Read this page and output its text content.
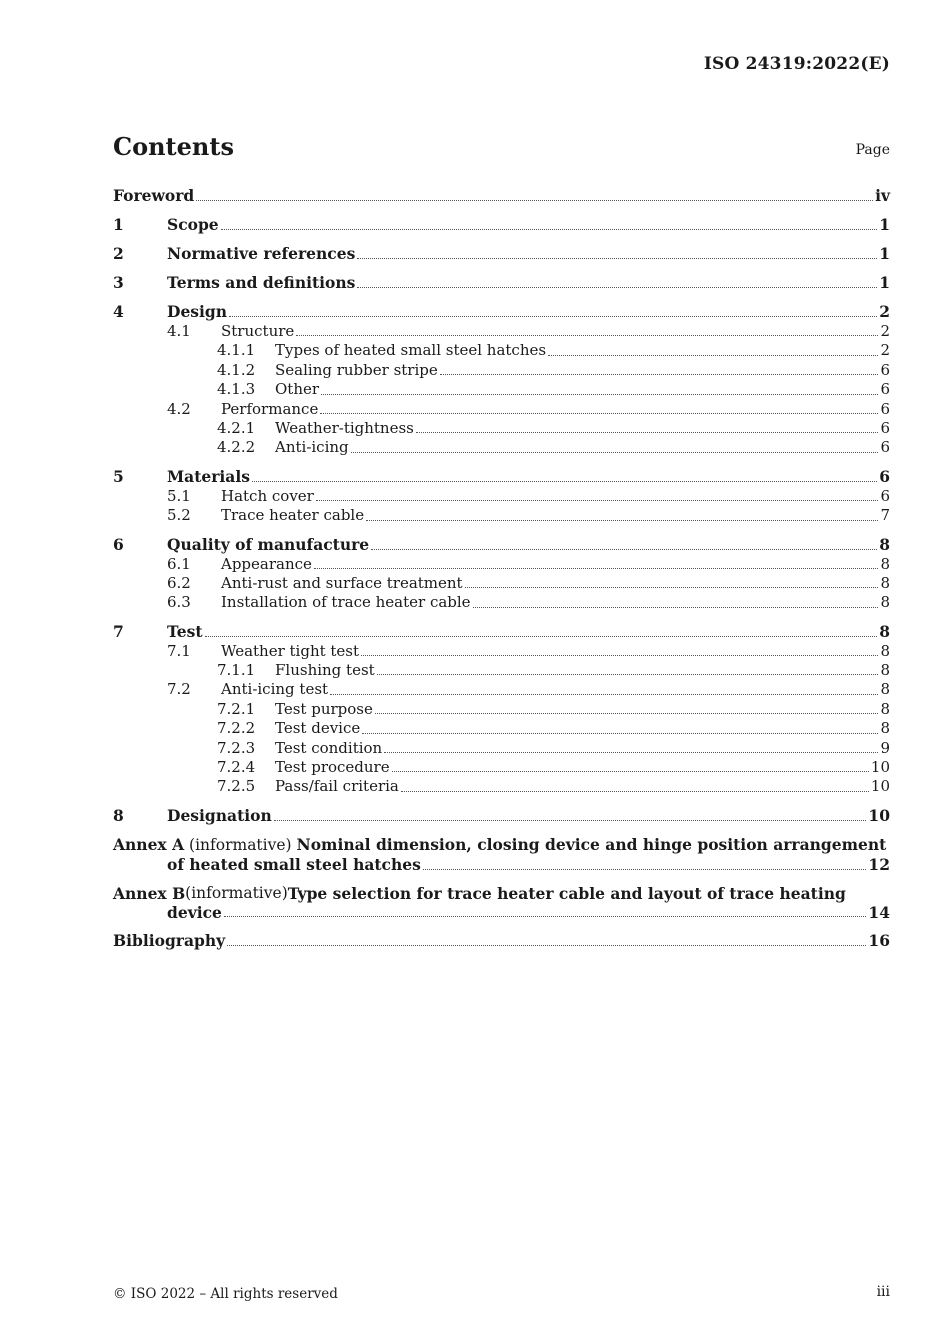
ISO 24319:2022(E)
Contents	Page
Foreword	iv
1	Scope	1
2	Normative references	1
3	Terms and definitions	1
4	Design	2
4.1	Structure	2
4.1.1	Types of heated small steel hatches	2
4.1.2	Sealing rubber stripe	6
4.1.3	Other	6
4.2	Performance	6
4.2.1	Weather-tightness	6
4.2.2	Anti-icing	6
5	Materials	6
5.1	Hatch cover	6
5.2	Trace heater cable	7
6	Quality of manufacture	8
6.1	Appearance	8
6.2	Anti-rust and surface treatment	8
6.3	Installation of trace heater cable	8
7	Test	8
7.1	Weather tight test	8
7.1.1	Flushing test	8
7.2	Anti-icing test	8
7.2.1	Test purpose	8
7.2.2	Test device	8
7.2.3	Test condition	9
7.2.4	Test procedure	10
7.2.5	Pass/fail criteria	10
8	Designation	10
Annex A (informative) Nominal dimension, closing device and hinge position arrangement
of heated small steel hatches	12
Annex B (informative) Type selection for trace heater cable and layout of trace heating
device	14
Bibliography	16
© ISO 2022 – All rights reserved	iii
